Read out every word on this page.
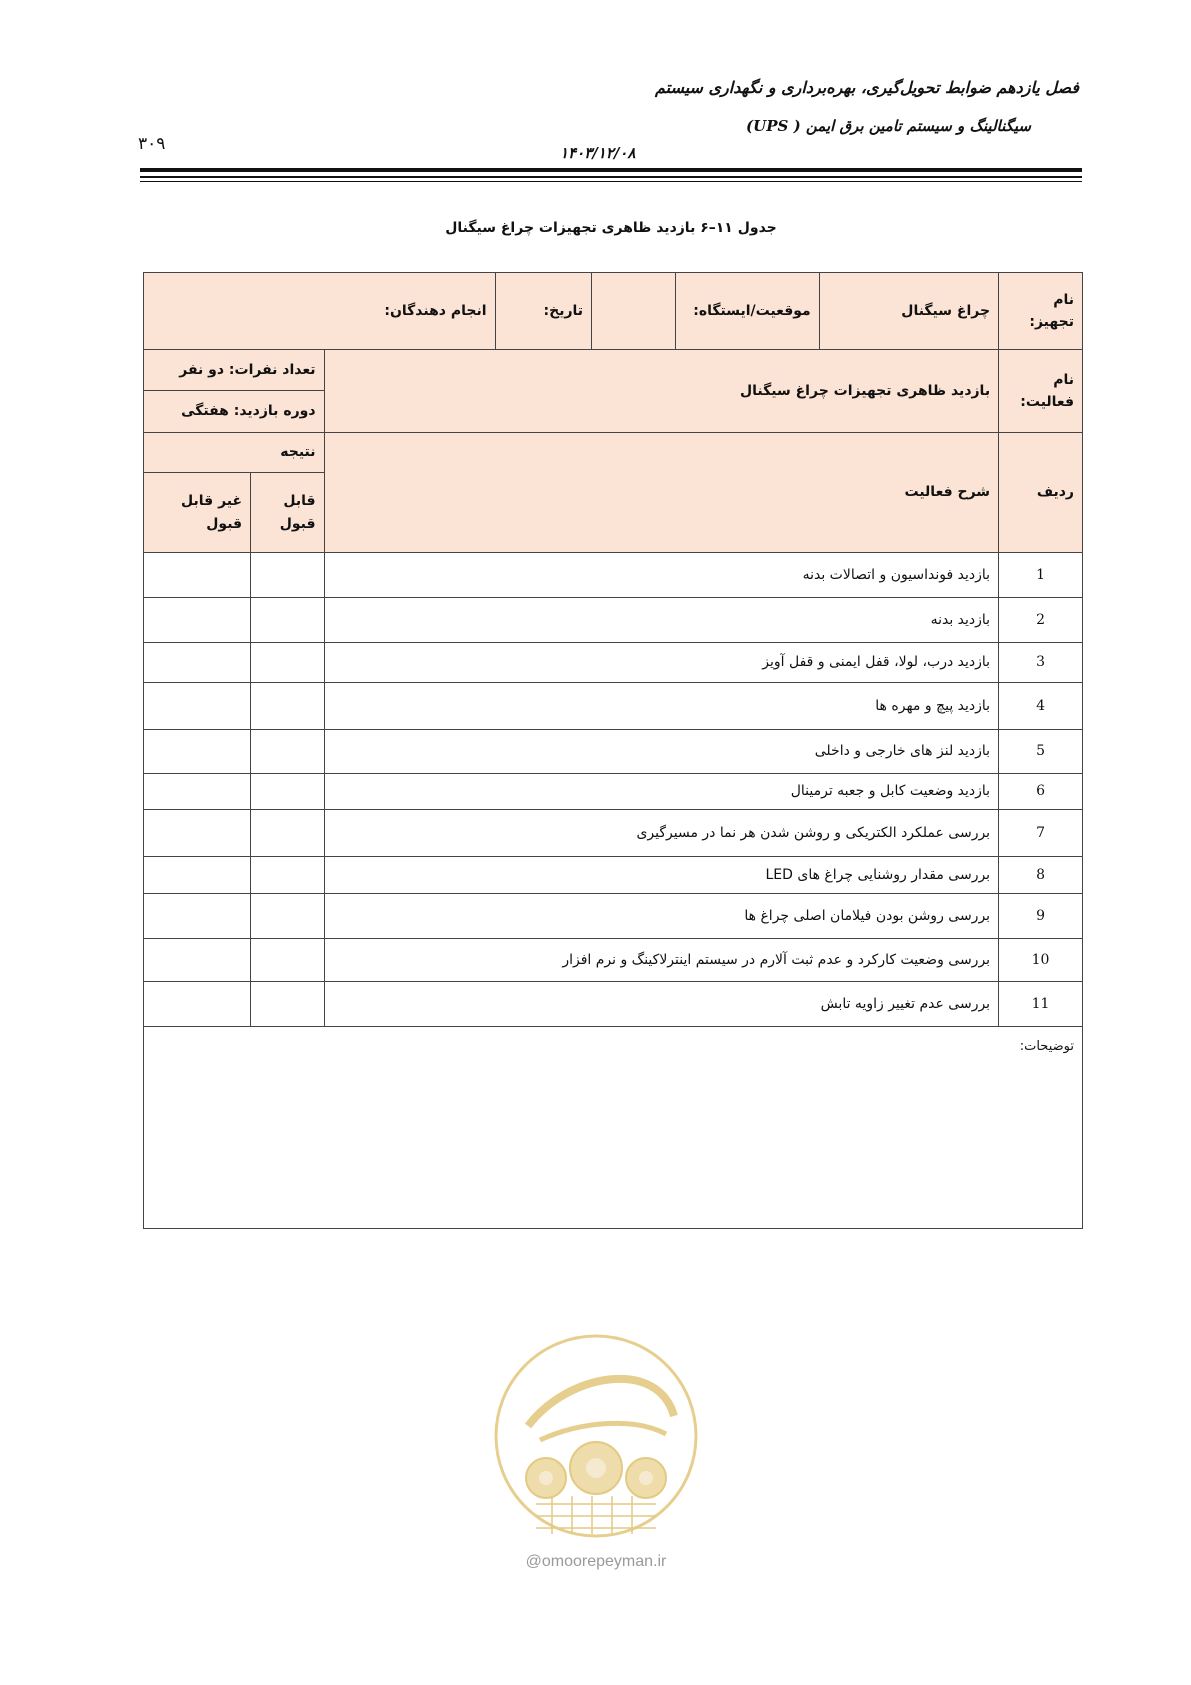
فصل یازدهم ضوابط تحویل‌گیری، بهره‌برداری و نگهداری سیستم
سیگنالینگ و سیستم تامین برق ایمن ( UPS)
۳۰۹	۱۴۰۳/۱۲/۰۸
جدول ۱۱–۶ بازدید ظاهری تجهیزات چراغ سیگنال
نام تجهیز:	چراغ سیگنال	موقعیت/ایستگاه:		تاریخ:	انجام دهندگان:		
نام فعالیت:	بازدید ظاهری تجهیزات چراغ سیگنال					تعداد نفرات: دو نفر	
						دوره بازدید: هفتگی	
ردیف	شرح فعالیت					نتیجه	
						قابل قبول	غیر قابل قبول
1	بازدید فونداسیون و اتصالات بدنه						
2	بازدید بدنه						
3	بازدید درب، لولا، قفل ایمنی و قفل آویز						
4	بازدید پیچ و مهره ها						
5	بازدید لنز های خارجی و داخلی						
6	بازدید وضعیت کابل و جعبه ترمینال						
7	بررسی عملکرد الکتریکی و روشن شدن هر نما در مسیرگیری						
8	بررسی مقدار روشنایی چراغ های LED						
9	بررسی روشن بودن فیلامان اصلی چراغ ها						
10	بررسی وضعیت کارکرد و عدم ثبت آلارم در سیستم اینترلاکینگ و نرم افزار						
11	بررسی عدم تغییر زاویه تابش						
توضیحات:							
@omoorepeyman.ir
